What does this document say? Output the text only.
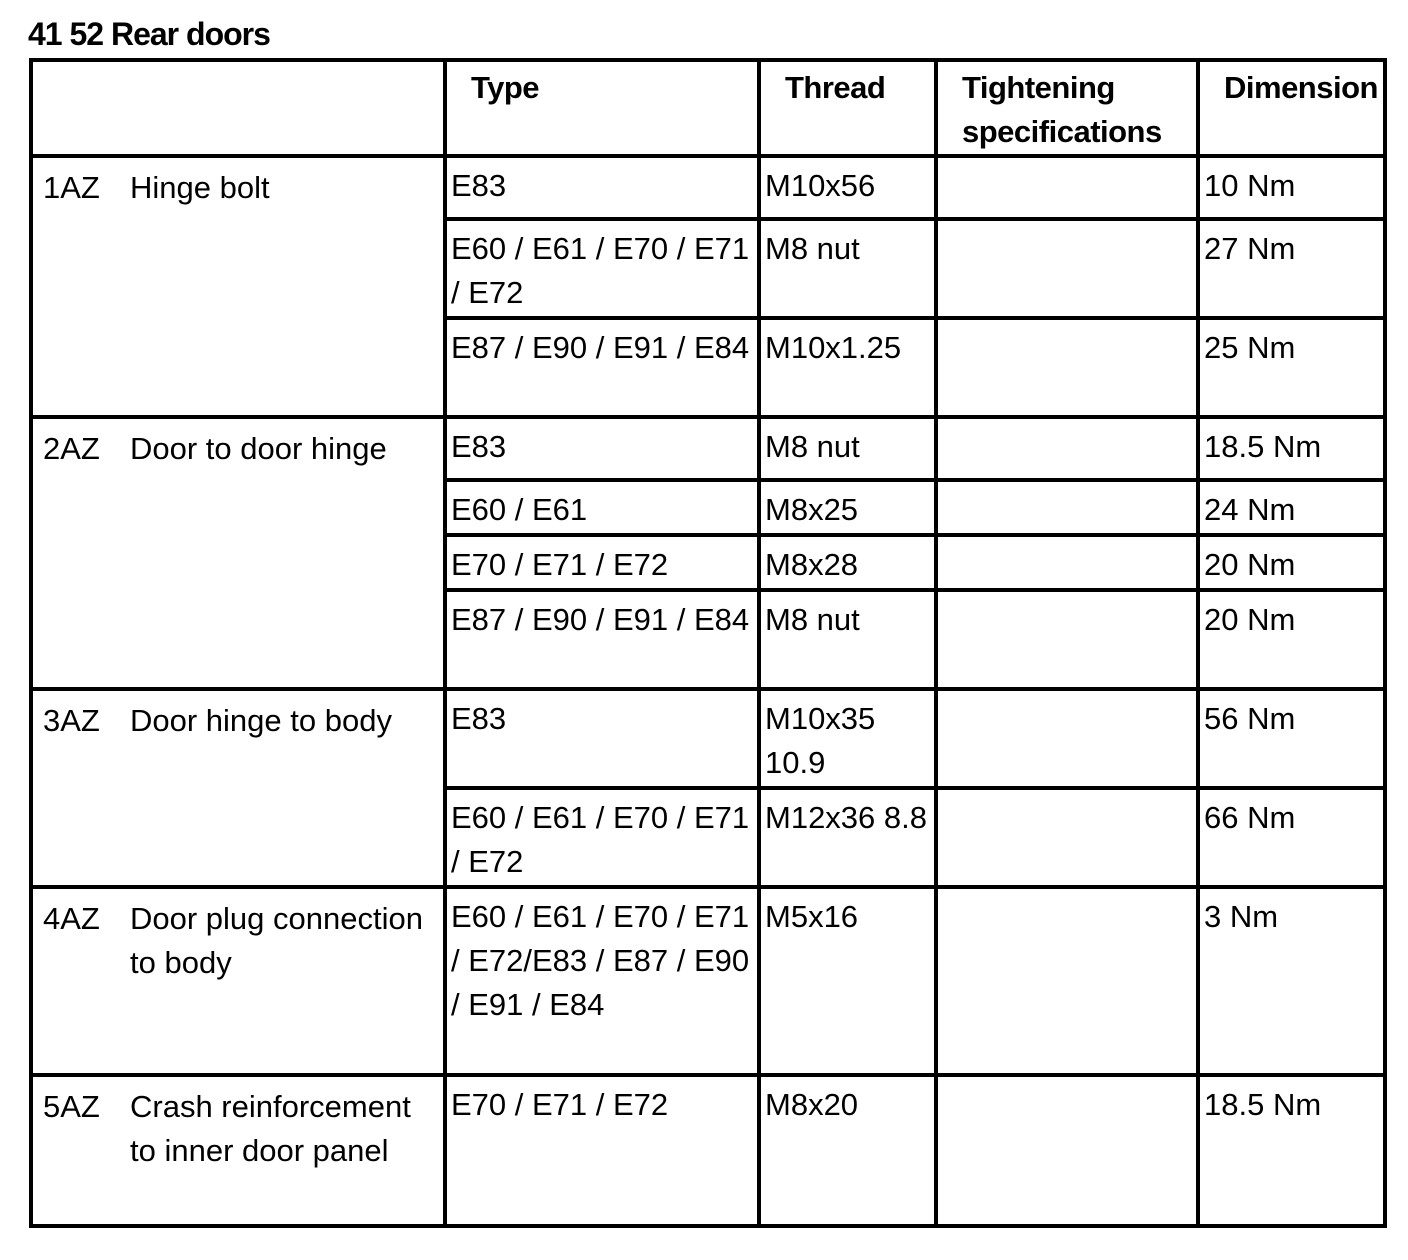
41 52 Rear doors

	Type	Thread	Tightening specifications	Dimension

1AZ Hinge bolt	E83	M10x56		10 Nm

	E60 / E61 / E70 / E71 / E72	M8 nut		27 Nm

	E87 / E90 / E91 / E84	M10x1.25		25 Nm

2AZ Door to door hinge	E83	M8 nut		18.5 Nm

	E60 / E61	M8x25		24 Nm

	E70 / E71 / E72	M8x28		20 Nm

	E87 / E90 / E91 / E84	M8 nut		20 Nm

3AZ Door hinge to body	E83	M10x35 10.9		56 Nm

	E60 / E61 / E70 / E71 / E72	M12x36 8.8		66 Nm

4AZ Door plug connection to body	E60 / E61 / E70 / E71 / E72/E83 / E87 / E90 / E91 / E84	M5x16		3 Nm

5AZ Crash reinforcement to inner door panel	E70 / E71 / E72	M8x20		18.5 Nm
